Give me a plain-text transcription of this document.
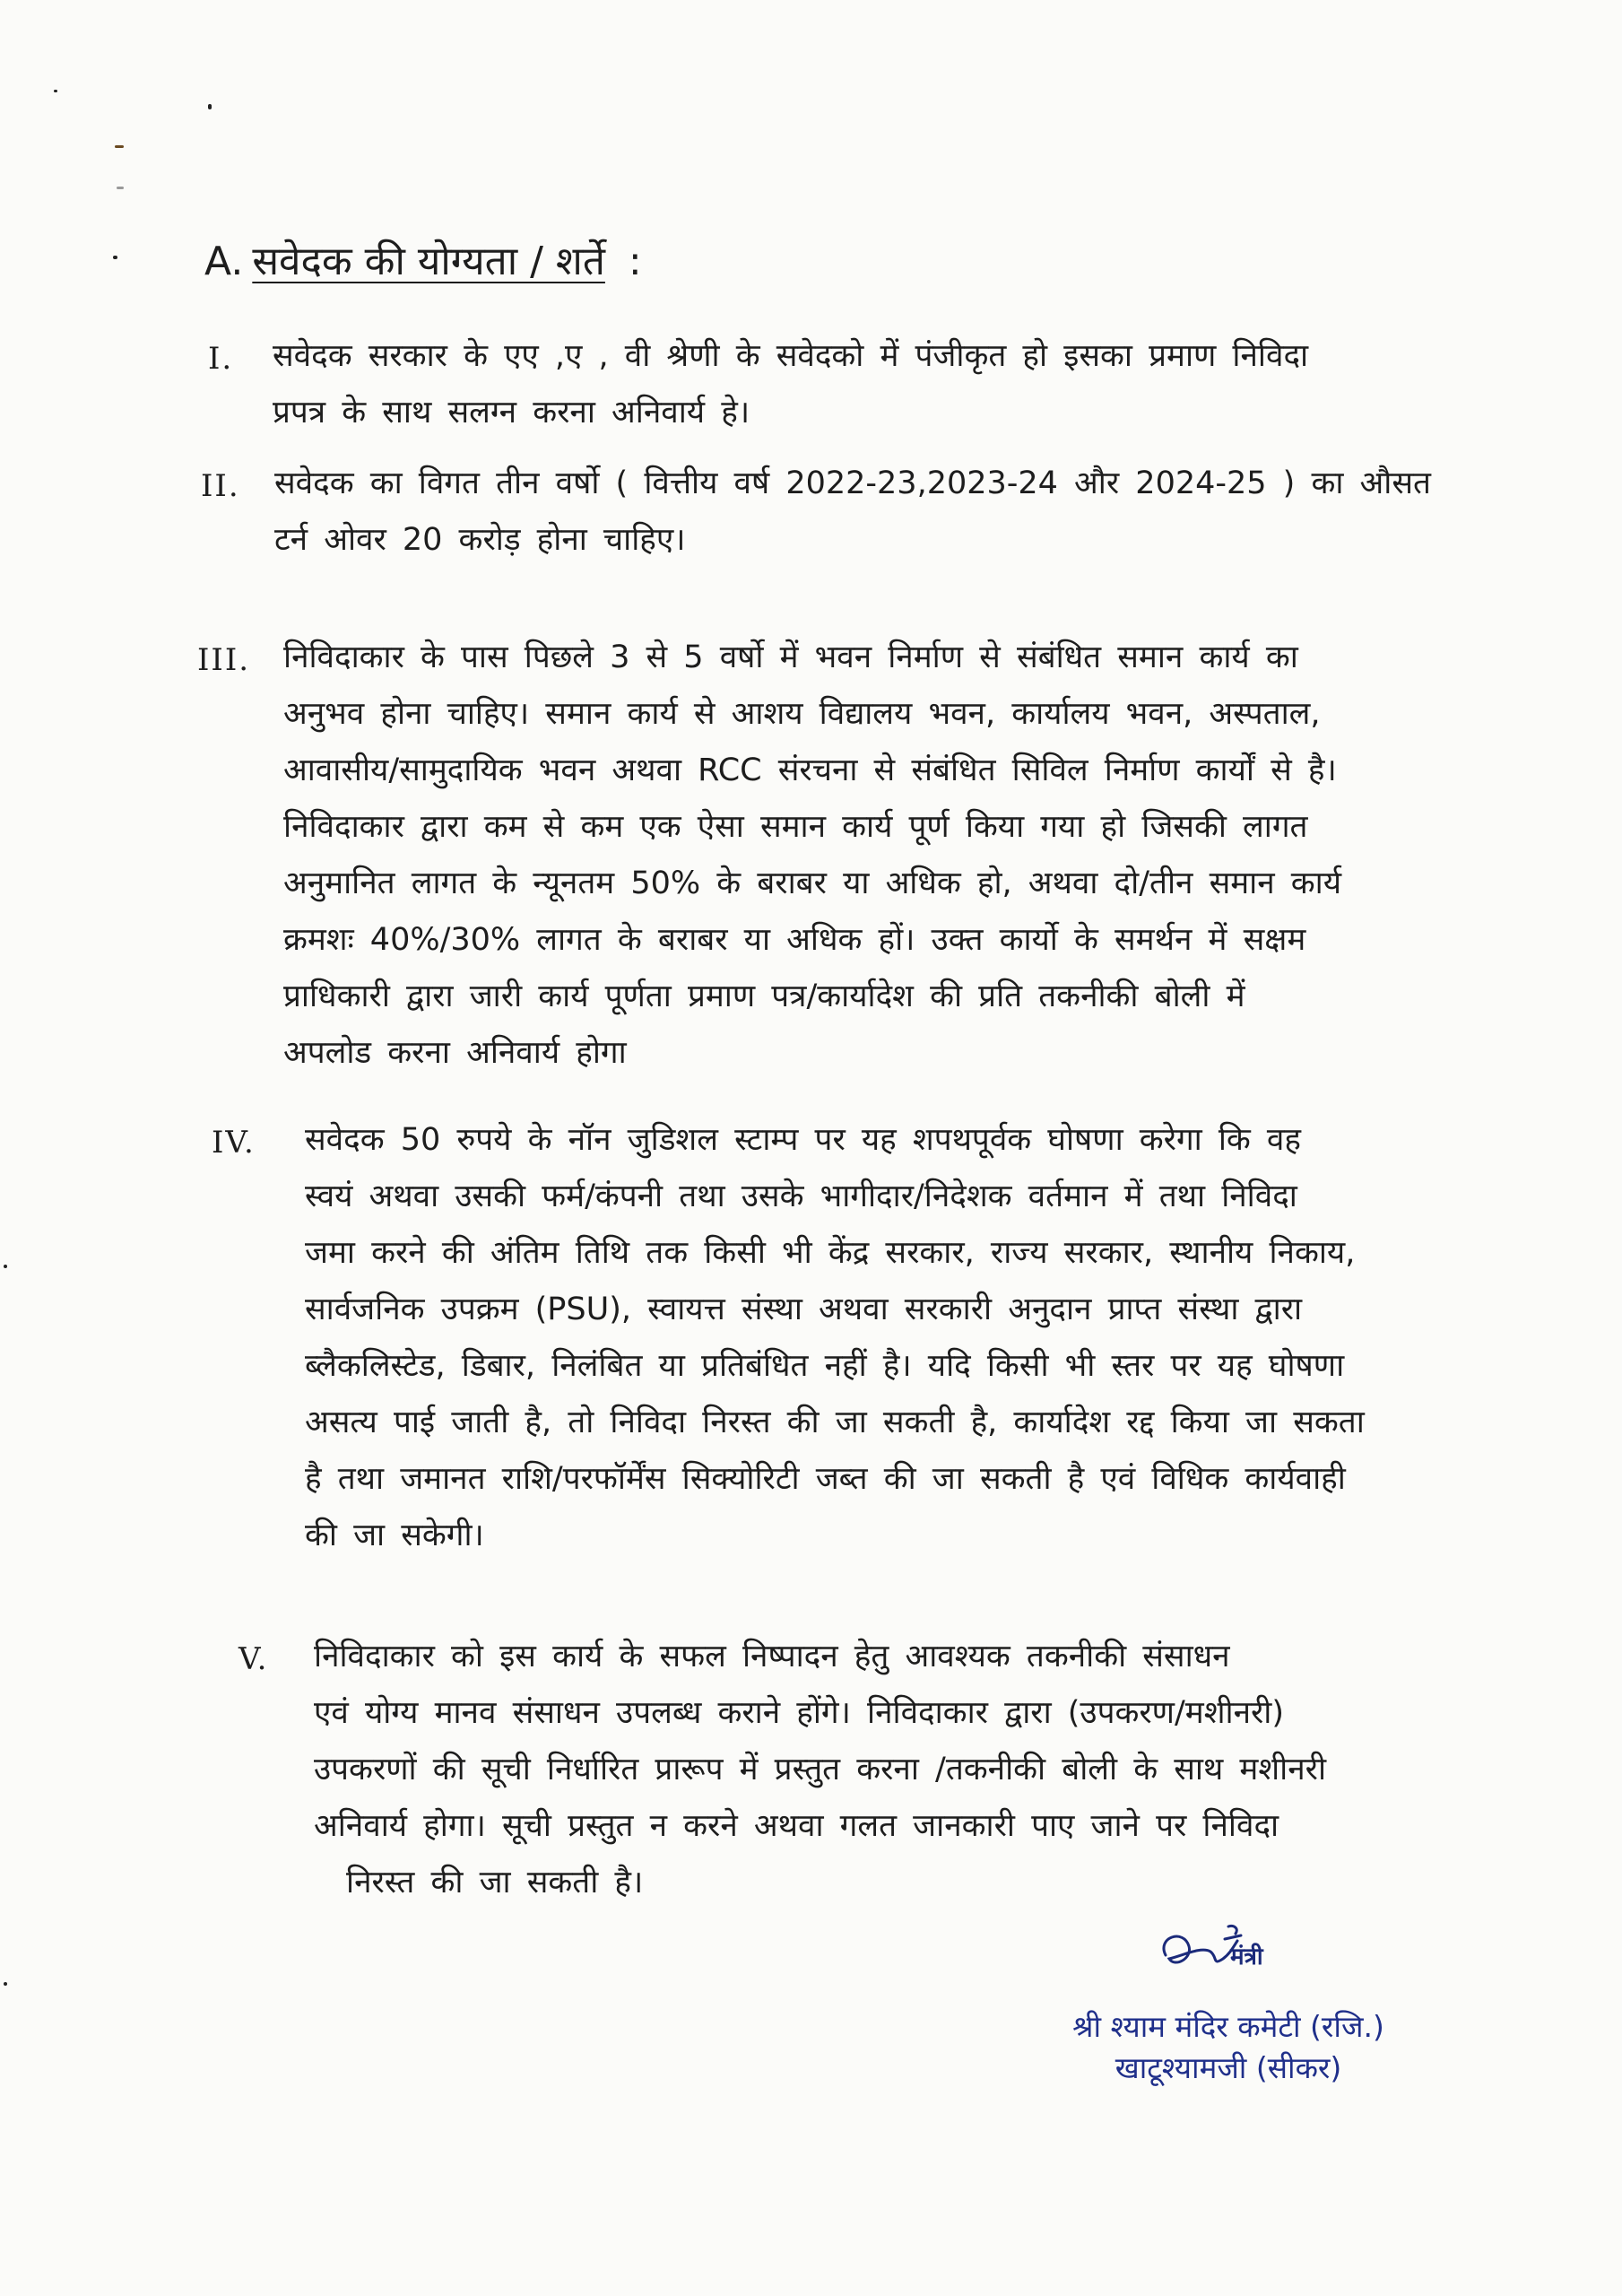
A. सवेदक की योग्यता / शर्ते :
I. सवेदक सरकार के एए ,ए , वी श्रेणी के सवेदको में पंजीकृत हो इसका प्रमाण निविदा
प्रपत्र के साथ सलग्न करना अनिवार्य हे।
II. सवेदक का विगत तीन वर्षो ( वित्तीय वर्ष 2022-23,2023-24 और 2024-25 ) का औसत
टर्न ओवर 20 करोड़ होना चाहिए।
III. निविदाकार के पास पिछले 3 से 5 वर्षो में भवन निर्माण से संबंधित समान कार्य का
अनुभव होना चाहिए। समान कार्य से आशय विद्यालय भवन, कार्यालय भवन, अस्पताल,
आवासीय/सामुदायिक भवन अथवा RCC संरचना से संबंधित सिविल निर्माण कार्यों से है।
निविदाकार द्वारा कम से कम एक ऐसा समान कार्य पूर्ण किया गया हो जिसकी लागत
अनुमानित लागत के न्यूनतम 50% के बराबर या अधिक हो, अथवा दो/तीन समान कार्य
क्रमशः 40%/30% लागत के बराबर या अधिक हों। उक्त कार्यो के समर्थन में सक्षम
प्राधिकारी द्वारा जारी कार्य पूर्णता प्रमाण पत्र/कार्यादेश की प्रति तकनीकी बोली में
अपलोड करना अनिवार्य होगा
IV. सवेदक 50 रुपये के नॉन जुडिशल स्टाम्प पर यह शपथपूर्वक घोषणा करेगा कि वह
स्वयं अथवा उसकी फर्म/कंपनी तथा उसके भागीदार/निदेशक वर्तमान में तथा निविदा
जमा करने की अंतिम तिथि तक किसी भी केंद्र सरकार, राज्य सरकार, स्थानीय निकाय,
सार्वजनिक उपक्रम (PSU), स्वायत्त संस्था अथवा सरकारी अनुदान प्राप्त संस्था द्वारा
ब्लैकलिस्टेड, डिबार, निलंबित या प्रतिबंधित नहीं है। यदि किसी भी स्तर पर यह घोषणा
असत्य पाई जाती है, तो निविदा निरस्त की जा सकती है, कार्यादेश रद्द किया जा सकता
है तथा जमानत राशि/परफॉर्मेंस सिक्योरिटी जब्त की जा सकती है एवं विधिक कार्यवाही
की जा सकेगी।
V. निविदाकार को इस कार्य के सफल निष्पादन हेतु आवश्यक तकनीकी संसाधन
एवं योग्य मानव संसाधन उपलब्ध कराने होंगे। निविदाकार द्वारा (उपकरण/मशीनरी)
उपकरणों की सूची निर्धारित प्रारूप में प्रस्तुत करना /तकनीकी बोली के साथ मशीनरी
अनिवार्य होगा। सूची प्रस्तुत न करने अथवा गलत जानकारी पाए जाने पर निविदा
निरस्त की जा सकती है।
मंत्री
श्री श्याम मंदिर कमेटी (रजि.)
खाटूश्यामजी (सीकर)
